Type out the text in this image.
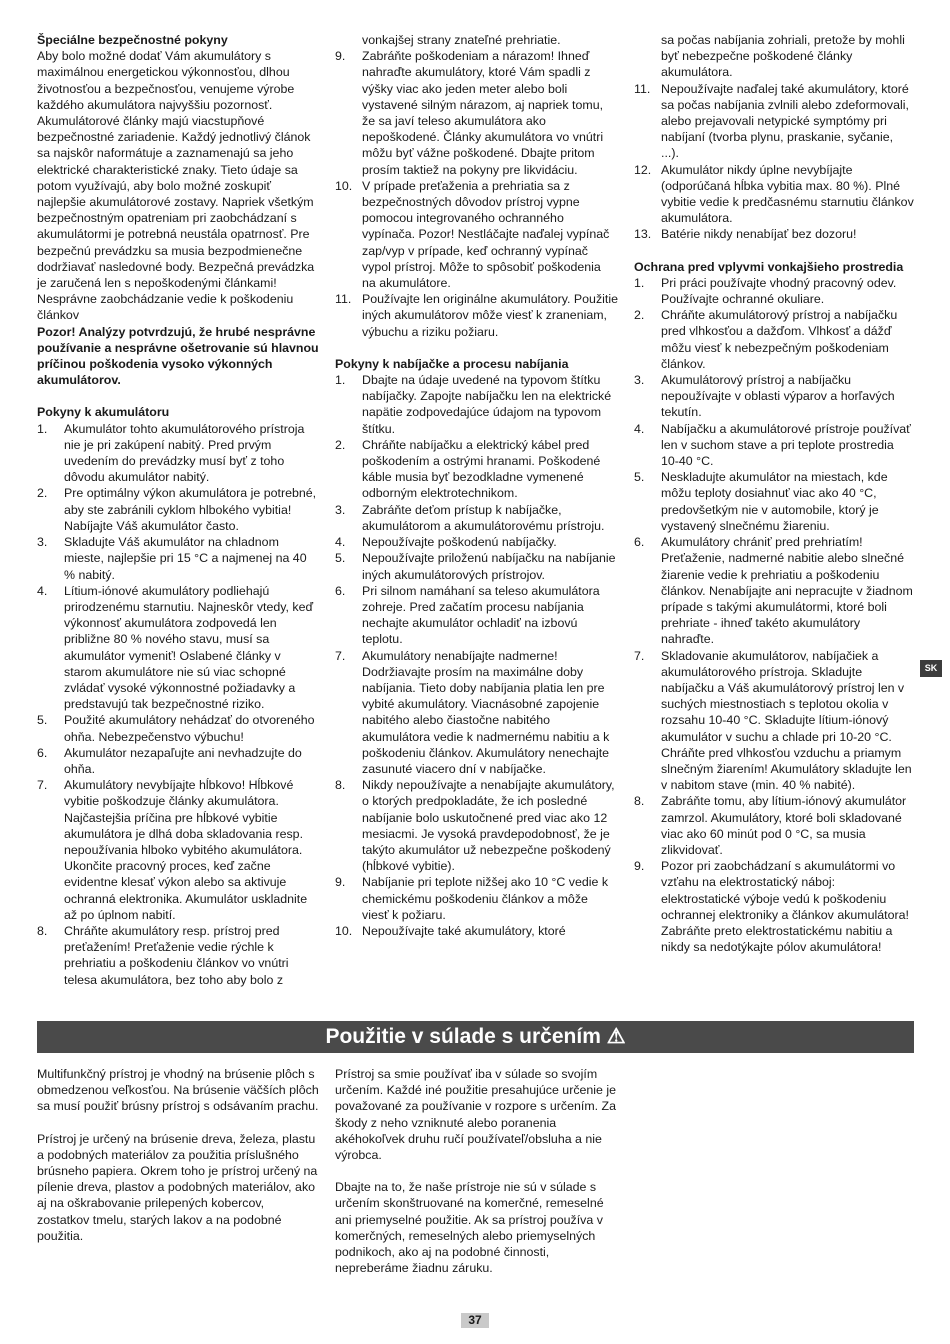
Špeciálne bezpečnostné pokyny

Aby bolo možné dodať Vám akumulátory s maximálnou energetickou výkonnosťou, dlhou životnosťou a bezpečnosťou, venujeme výrobe každého akumulátora najvyššiu pozornosť. Akumulátorové články majú viacstupňové bezpečnostné zariadenie. Každý jednotlivý článok sa najskôr naformátuje a zaznamenajú sa jeho elektrické charakteristické znaky. Tieto údaje sa potom využívajú, aby bolo možné zoskupiť najlepšie akumulátorové zostavy. Napriek všetkým bezpečnostným opatreniam pri zaobchádzaní s akumulátormi je potrebná neustála opatrnosť. Pre bezpečnú prevádzku sa musia bezpodmienečne dodržiavať nasledovné body. Bezpečná prevádzka je zaručená len s nepoškodenými článkami! Nesprávne zaobchádzanie vedie k poškodeniu článkov

Pozor! Analýzy potvrdzujú, že hrubé nesprávne používanie a nesprávne ošetrovanie sú hlavnou príčinou poškodenia vysoko výkonných akumulátorov.

Pokyny k akumulátoru
1. Akumulátor tohto akumulátorového prístroja nie je pri zakúpení nabitý. Pred prvým uvedením do prevádzky musí byť z toho dôvodu akumulátor nabitý.
2. Pre optimálny výkon akumulátora je potrebné, aby ste zabránili cyklom hlbokého vybitia! Nabíjajte Váš akumulátor často.
3. Skladujte Váš akumulátor na chladnom mieste, najlepšie pri 15 °C a najmenej na 40 % nabitý.
4. Lítium-iónové akumulátory podliehajú prirodzenému starnutiu. Najneskôr vtedy, keď výkonnosť akumulátora zodpovedá len približne 80 % nového stavu, musí sa akumulátor vymeniť! Oslabené články v starom akumulátore nie sú viac schopné zvládať vysoké výkonnostné požiadavky a predstavujú tak bezpečnostné riziko.
5. Použité akumulátory nehádzať do otvoreného ohňa. Nebezpečenstvo výbuchu!
6. Akumulátor nezapaľujte ani nevhadzujte do ohňa.
7. Akumulátory nevybíjajte hĺbkovo! Hĺbkové vybitie poškodzuje články akumulátora. Najčastejšia príčina pre hĺbkové vybitie akumulátora je dlhá doba skladovania resp. nepoužívania hlboko vybitého akumulátora. Ukončite pracovný proces, keď začne evidentne klesať výkon alebo sa aktivuje ochranná elektronika. Akumulátor uskladnite až po úplnom nabití.
8. Chráňte akumulátory resp. prístroj pred preťažením! Preťaženie vedie rýchle k prehriatiu a poškodeniu článkov vo vnútri telesa akumulátora, bez toho aby bolo z

vonkajšej strany znateľné prehriatie.

9. Zabráňte poškodeniam a nárazom! Ihneď nahraďte akumulátory, ktoré Vám spadli z výšky viac ako jeden meter alebo boli vystavené silným nárazom, aj napriek tomu, že sa javí teleso akumulátora ako nepoškodené. Články akumulátora vo vnútri môžu byť vážne poškodené. Dbajte pritom prosím taktiež na pokyny pre likvidáciu.
10. V prípade preťaženia a prehriatia sa z bezpečnostných dôvodov prístroj vypne pomocou integrovaného ochranného vypínača. Pozor! Nestláčajte naďalej vypínač zap/vyp v prípade, keď ochranný vypínač vypol prístroj. Môže to spôsobiť poškodenia na akumulátore.
11. Používajte len originálne akumulátory. Použitie iných akumulátorov môže viesť k zraneniam, výbuchu a riziku požiaru.
Pokyny k nabíjačke a procesu nabíjania
1. Dbajte na údaje uvedené na typovom štítku nabíjačky. Zapojte nabíjačku len na elektrické napätie zodpovedajúce údajom na typovom štítku.
2. Chráňte nabíjačku a elektrický kábel pred poškodením a ostrými hranami. Poškodené káble musia byť bezodkladne vymenené odborným elektrotechnikom.
3. Zabráňte deťom prístup k nabíjačke, akumulátorom a akumulátorovému prístroju.
4. Nepoužívajte poškodenú nabíjačky.
5. Nepoužívajte priloženú nabíjačku na nabíjanie iných akumulátorových prístrojov.
6. Pri silnom namáhaní sa teleso akumulátora zohreje. Pred začatím procesu nabíjania nechajte akumulátor ochladiť na izbovú teplotu.
7. Akumulátory nenabíjajte nadmerne! Dodržiavajte prosím na maximálne doby nabíjania. Tieto doby nabíjania platia len pre vybité akumulátory. Viacnásobné zapojenie nabitého alebo čiastočne nabitého akumulátora vedie k nadmernému nabitiu a k poškodeniu článkov. Akumulátory nenechajte zasunuté viacero dní v nabíjačke.
8. Nikdy nepoužívajte a nenabíjajte akumulátory, o ktorých predpokladáte, že ich posledné nabíjanie bolo uskutočnené pred viac ako 12 mesiacmi. Je vysoká pravdepodobnosť, že je takýto akumulátor už nebezpečne poškodený (hĺbkové vybitie).
9. Nabíjanie pri teplote nižšej ako 10 °C vedie k chemickému poškodeniu článkov a môže viesť k požiaru.
10. Nepoužívajte také akumulátory, ktoré

sa počas nabíjania zohriali, pretože by mohli byť nebezpečne poškodené články akumulátora.

11. Nepoužívajte naďalej také akumulátory, ktoré sa počas nabíjania zvlnili alebo zdeformovali, alebo prejavovali netypické symptómy pri nabíjaní (tvorba plynu, praskanie, syčanie, ...).
12. Akumulátor nikdy úplne nevybíjajte (odporúčaná hĺbka vybitia max. 80 %). Plné vybitie vedie k predčasnému starnutiu článkov akumulátora.
13. Batérie nikdy nenabíjať bez dozoru!
Ochrana pred vplyvmi vonkajšieho prostredia
1. Pri práci používajte vhodný pracovný odev. Používajte ochranné okuliare.
2. Chráňte akumulátorový prístroj a nabíjačku pred vlhkosťou a dažďom. Vlhkosť a dážď môžu viesť k nebezpečným poškodeniam článkov.
3. Akumulátorový prístroj a nabíjačku nepoužívajte v oblasti výparov a horľavých tekutín.
4. Nabíjačku a akumulátorové prístroje používať len v suchom stave a pri teplote prostredia 10-40 °C.
5. Neskladujte akumulátor na miestach, kde môžu teploty dosiahnuť viac ako 40 °C, predovšetkým nie v automobile, ktorý je vystavený slnečnému žiareniu.
6. Akumulátory chrániť pred prehriatím! Preťaženie, nadmerné nabitie alebo slnečné žiarenie vedie k prehriatiu a poškodeniu článkov. Nenabíjajte ani nepracujte v žiadnom prípade s takými akumulátormi, ktoré boli prehriate - ihneď takéto akumulátory nahraďte.
7. Skladovanie akumulátorov, nabíjačiek a akumulátorového prístroja. Skladujte nabíjačku a Váš akumulátorový prístroj len v suchých miestnostiach s teplotou okolia v rozsahu 10-40 °C. Skladujte lítium-iónový akumulátor v suchu a chlade pri 10-20 °C. Chráňte pred vlhkosťou vzduchu a priamym slnečným žiarením! Akumulátory skladujte len v nabitom stave (min. 40 % nabité).
8. Zabráňte tomu, aby lítium-iónový akumulátor zamrzol. Akumulátory, ktoré boli skladované viac ako 60 minút pod 0 °C, sa musia zlikvidovať.
9. Pozor pri zaobchádzaní s akumulátormi vo vzťahu na elektrostatický náboj: elektrostatické výboje vedú k poškodeniu ochrannej elektroniky a článkov akumulátora! Zabráňte preto elektrostatickému nabitiu a nikdy sa nedotýkajte pólov akumulátora!
SK
Použitie v súlade s určením ⚠

Multifunkčný prístroj je vhodný na brúsenie plôch s obmedzenou veľkosťou. Na brúsenie väčších plôch sa musí použiť brúsny prístroj s odsávaním prachu.

Prístroj je určený na brúsenie dreva, železa, plastu a podobných materiálov za použitia príslušného brúsneho papiera. Okrem toho je prístroj určený na pílenie dreva, plastov a podobných materiálov, ako aj na oškrabovanie prilepených kobercov, zostatkov tmelu, starých lakov a na podobné použitia.

Prístroj sa smie používať iba v súlade so svojím určením. Každé iné použitie presahujúce určenie je považované za používanie v rozpore s určením. Za škody z neho vzniknuté alebo poranenia akéhokoľvek druhu ručí používateľ/obsluha a nie výrobca.

Dbajte na to, že naše prístroje nie sú v súlade s určením skonštruované na komerčné, remeselné ani priemyselné použitie. Ak sa prístroj používa v komerčných, remeselných alebo priemyselných podnikoch, ako aj na podobné činnosti, nepreberáme žiadnu záruku.

37
